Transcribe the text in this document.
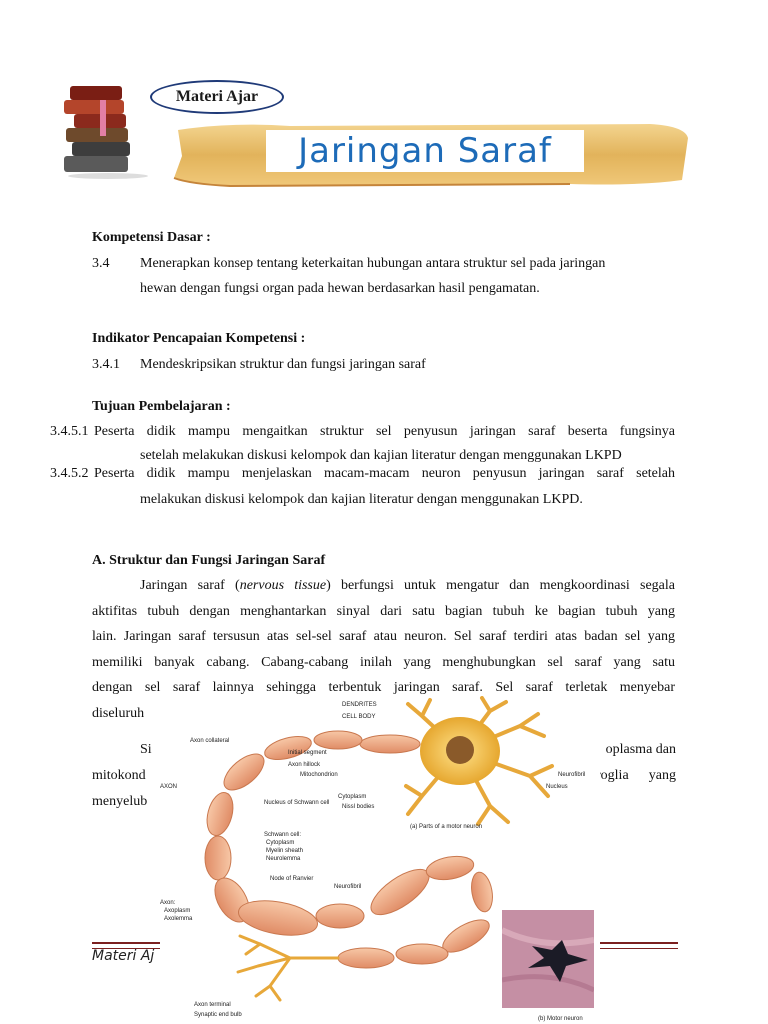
Materi Ajar
Jaringan Saraf
Kompetensi Dasar :
3.4 Menerapkan konsep tentang keterkaitan hubungan antara struktur sel pada jaringan
hewan dengan fungsi organ pada hewan berdasarkan hasil pengamatan.
Indikator Pencapaian Kompetensi :
3.4.1 Mendeskripsikan struktur dan fungsi jaringan saraf
Tujuan Pembelajaran :
3.4.5.1 Peserta didik mampu mengaitkan struktur sel penyusun jaringan saraf beserta fungsinya
setelah melakukan diskusi kelompok dan kajian literatur dengan menggunakan LKPD
3.4.5.2 Peserta didik mampu menjelaskan macam-macam neuron penyusun jaringan saraf setelah
melakukan diskusi kelompok dan kajian literatur dengan menggunakan LKPD.
A. Struktur dan Fungsi Jaringan Saraf
Jaringan saraf (nervous tissue) berfungsi untuk mengatur dan mengkoordinasi segala
aktifitas tubuh dengan menghantarkan sinyal dari satu bagian tubuh ke bagian tubuh yang
lain. Jaringan saraf tersusun atas sel-sel saraf atau neuron. Sel saraf terdiri atas badan sel yang
memiliki banyak cabang. Cabang-cabang inilah yang menghubungkan sel saraf yang satu
dengan sel saraf lainnya sehingga terbentuk jaringan saraf. Sel saraf terletak menyebar
diseluruh
Si	oplasma dan
mitokond	roglia yang
menyelub
Materi Aj
DENDRITES
CELL BODY
Axon collateral
Initial segment
Axon hillock
Mitochondrion
AXON
Nucleus of Schwann cell
Cytoplasm
Nissl bodies
Neurofibril
Nucleus
(a) Parts of a motor neuron
Schwann cell:
Cytoplasm
Myelin sheath
Neurolemma
Node of Ranvier
Neurofibril
Axon:
Axoplasm
Axolemma
Axon terminal
Synaptic end bulb
(b) Motor neuron
